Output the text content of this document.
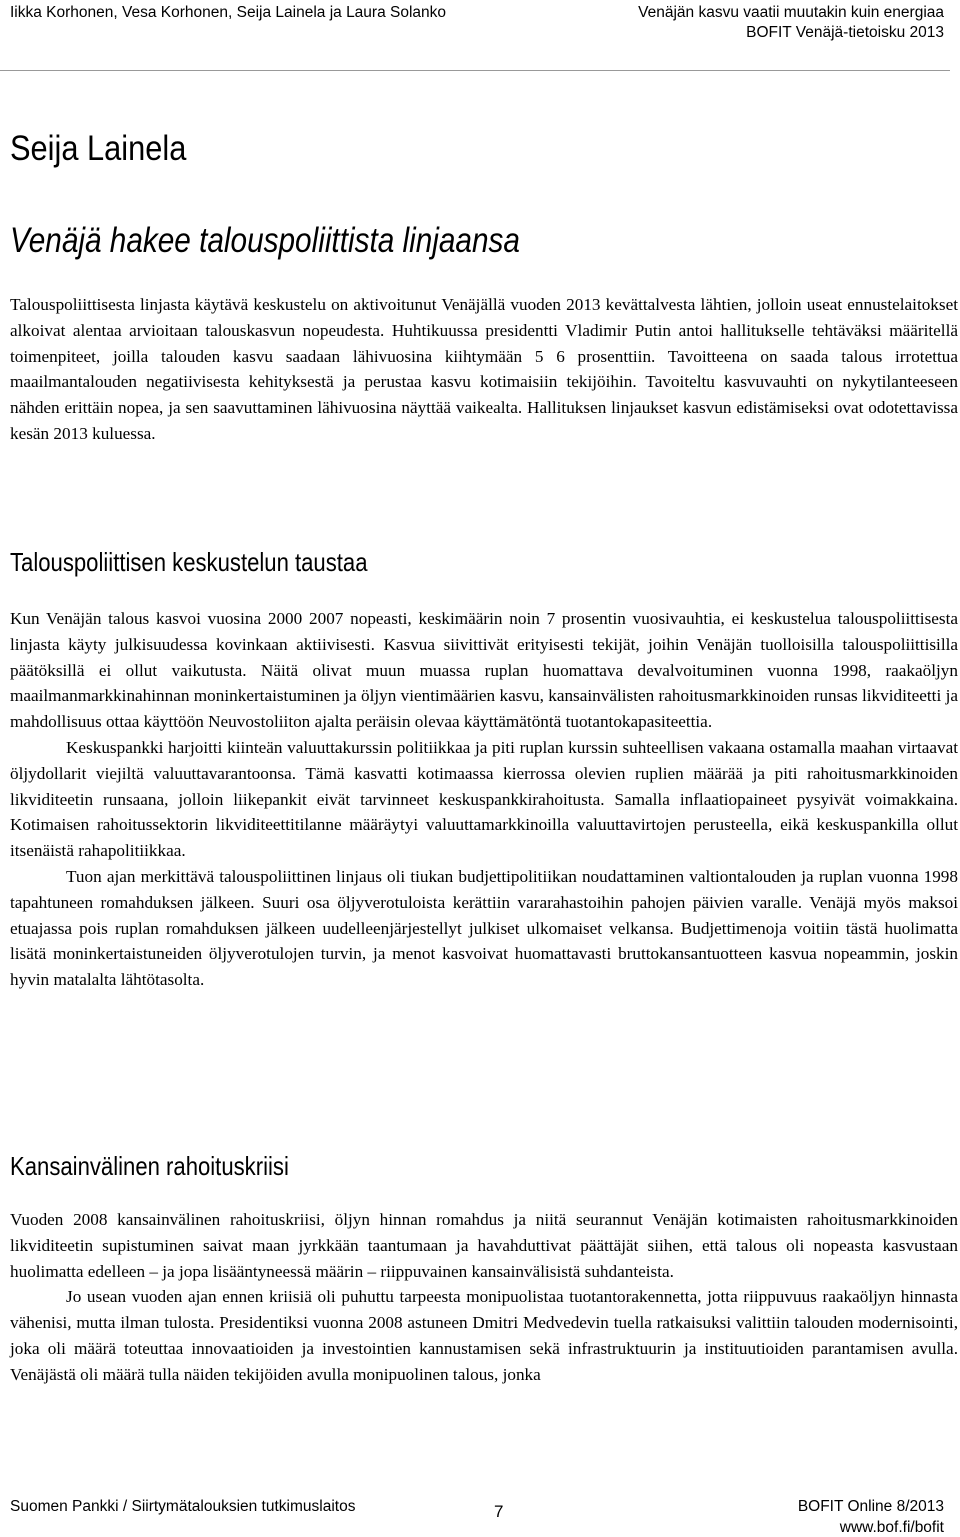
Iikka Korhonen, Vesa Korhonen, Seija Lainela ja Laura Solanko	Venäjän kasvu vaatii muutakin kuin energiaa
BOFIT Venäjä-tietoisku 2013
Seija Lainela
Venäjä hakee talouspoliittista linjaansa

Talouspoliittisesta linjasta käytävä keskustelu on aktivoitunut Venäjällä vuoden 2013 kevättalvesta lähtien, jolloin useat ennustelaitokset alkoivat alentaa arvioitaan talouskasvun nopeudesta. Huhtikuussa presidentti Vladimir Putin antoi hallitukselle tehtäväksi määritellä toimenpiteet, joilla talouden kasvu saadaan lähivuosina kiihtymään 5 6 prosenttiin. Tavoitteena on saada talous irrotettua maailmantalouden negatiivisesta kehityksestä ja perustaa kasvu kotimaisiin tekijöihin. Tavoiteltu kasvuvauhti on nykytilanteeseen nähden erittäin nopea, ja sen saavuttaminen lähivuosina näyttää vaikealta. Hallituksen linjaukset kasvun edistämiseksi ovat odotettavissa kesän 2013 kuluessa.

Talouspoliittisen keskustelun taustaa

Kun Venäjän talous kasvoi vuosina 2000 2007 nopeasti, keskimäärin noin 7 prosentin vuosivauhtia, ei keskustelua talouspoliittisesta linjasta käyty julkisuudessa kovinkaan aktiivisesti. Kasvua siivittivät erityisesti tekijät, joihin Venäjän tuolloisilla talouspoliittisilla päätöksillä ei ollut vaikutusta. Näitä olivat muun muassa ruplan huomattava devalvoituminen vuonna 1998, raakaöljyn maailmanmarkkinahinnan moninkertaistuminen ja öljyn vientimäärien kasvu, kansainvälisten rahoitusmarkkinoiden runsas likviditeetti ja mahdollisuus ottaa käyttöön Neuvostoliiton ajalta peräisin olevaa käyttämätöntä tuotantokapasiteettia.

Keskuspankki harjoitti kiinteän valuuttakurssin politiikkaa ja piti ruplan kurssin suhteellisen vakaana ostamalla maahan virtaavat öljydollarit viejiltä valuuttavarantoonsa. Tämä kasvatti kotimaassa kierrossa olevien ruplien määrää ja piti rahoitusmarkkinoiden likviditeetin runsaana, jolloin liikepankit eivät tarvinneet keskuspankkirahoitusta. Samalla inflaatiopaineet pysyivät voimakkaina. Kotimaisen rahoitussektorin likviditeettitilanne määräytyi valuuttamarkkinoilla valuuttavirtojen perusteella, eikä keskuspankilla ollut itsenäistä rahapolitiikkaa.

Tuon ajan merkittävä talouspoliittinen linjaus oli tiukan budjettipolitiikan noudattaminen valtiontalouden ja ruplan vuonna 1998 tapahtuneen romahduksen jälkeen. Suuri osa öljyverotuloista kerättiin vararahastoihin pahojen päivien varalle. Venäjä myös maksoi etuajassa pois ruplan romahduksen jälkeen uudelleenjärjestellyt julkiset ulkomaiset velkansa. Budjettimenoja voitiin tästä huolimatta lisätä moninkertaistuneiden öljyverotulojen turvin, ja menot kasvoivat huomattavasti bruttokansantuotteen kasvua nopeammin, joskin hyvin matalalta lähtötasolta.

Kansainvälinen rahoituskriisi

Vuoden 2008 kansainvälinen rahoituskriisi, öljyn hinnan romahdus ja niitä seurannut Venäjän kotimaisten rahoitusmarkkinoiden likviditeetin supistuminen saivat maan jyrkkään taantumaan ja havahduttivat päättäjät siihen, että talous oli nopeasta kasvustaan huolimatta edelleen – ja jopa lisääntyneessä määrin – riippuvainen kansainvälisistä suhdanteista.

Jo usean vuoden ajan ennen kriisiä oli puhuttu tarpeesta monipuolistaa tuotantorakennetta, jotta riippuvuus raakaöljyn hinnasta vähenisi, mutta ilman tulosta. Presidentiksi vuonna 2008 astuneen Dmitri Medvedevin tuella ratkaisuksi valittiin talouden modernisointi, joka oli määrä toteuttaa innovaatioiden ja investointien kannustamisen sekä infrastruktuurin ja instituutioiden parantamisen avulla. Venäjästä oli määrä tulla näiden tekijöiden avulla monipuolinen talous, jonka

Suomen Pankki / Siirtymätalouksien tutkimuslaitos	7	BOFIT Online 8/2013
www.bof.fi/bofit
